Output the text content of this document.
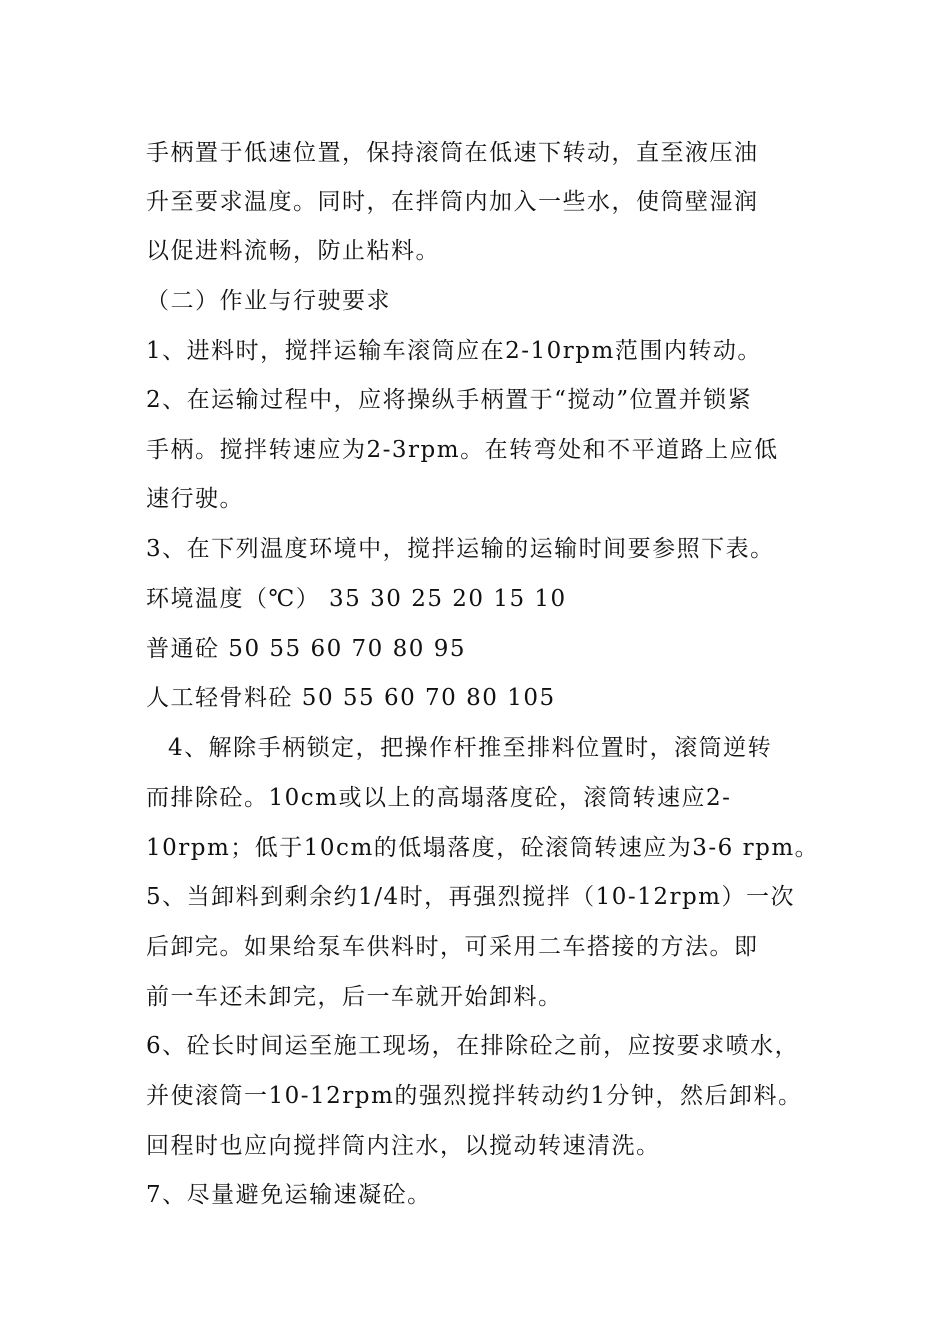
手柄置于低速位置，保持滚筒在低速下转动，直至液压油
升至要求温度。同时，在拌筒内加入一些水，使筒壁湿润
以促进料流畅，防止粘料。
（二）作业与行驶要求
1、进料时，搅拌运输车滚筒应在2-10rpm范围内转动。
2、在运输过程中，应将操纵手柄置于“搅动”位置并锁紧
手柄。搅拌转速应为2-3rpm。在转弯处和不平道路上应低
速行驶。
3、在下列温度环境中，搅拌运输的运输时间要参照下表。
环境温度（℃） 35 30 25 20 15 10
普通砼 50 55 60 70 80 95
人工轻骨料砼 50 55 60 70 80 105
4、解除手柄锁定，把操作杆推至排料位置时，滚筒逆转
而排除砼。10cm或以上的高塌落度砼，滚筒转速应2-
10rpm；低于10cm的低塌落度，砼滚筒转速应为3-6 rpm。
5、当卸料到剩余约1/4时，再强烈搅拌（10-12rpm）一次
后卸完。如果给泵车供料时，可采用二车搭接的方法。即
前一车还未卸完，后一车就开始卸料。
6、砼长时间运至施工现场，在排除砼之前，应按要求喷水，
并使滚筒一10-12rpm的强烈搅拌转动约1分钟，然后卸料。
回程时也应向搅拌筒内注水，以搅动转速清洗。
7、尽量避免运输速凝砼。
